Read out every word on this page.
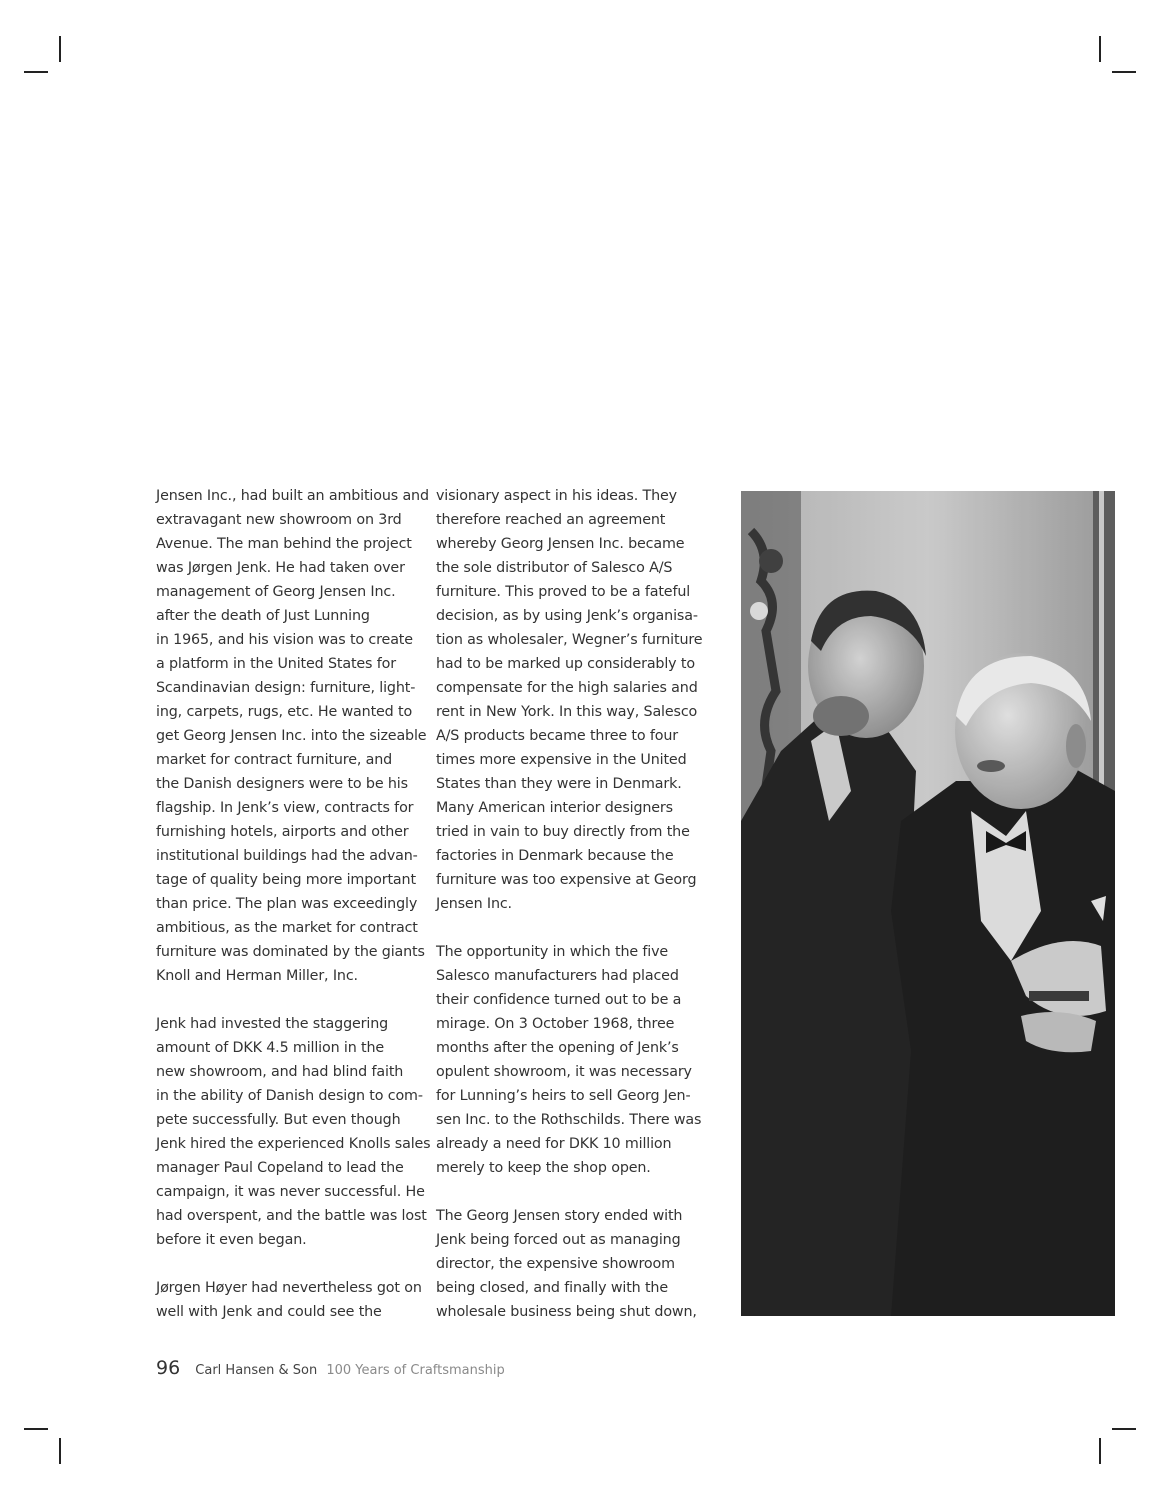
Jensen Inc., had built an ambitious and
extravagant new showroom on 3rd
Avenue. The man behind the project
was Jørgen Jenk. He had taken over
management of Georg Jensen Inc.
after the death of Just Lunning
in 1965, and his vision was to create
a platform in the United States for
Scandinavian design: furniture, light-
ing, carpets, rugs, etc. He wanted to
get Georg Jensen Inc. into the sizeable
market for contract furniture, and
the Danish designers were to be his
flagship. In Jenk’s view, contracts for
furnishing hotels, airports and other
institutional buildings had the advan-
tage of quality being more important
than price. The plan was exceedingly
ambitious, as the market for contract
furniture was dominated by the giants
Knoll and Herman Miller, Inc.
Jenk had invested the staggering
amount of DKK 4.5 million in the
new showroom, and had blind faith
in the ability of Danish design to com-
pete successfully. But even though
Jenk hired the experienced Knolls sales
manager Paul Copeland to lead the
campaign, it was never successful. He
had overspent, and the battle was lost
before it even began.
Jørgen Høyer had nevertheless got on
well with Jenk and could see the
visionary aspect in his ideas. They
therefore reached an agreement
whereby Georg Jensen Inc. became
the sole distributor of Salesco A/S
furniture. This proved to be a fateful
decision, as by using Jenk’s organisa-
tion as wholesaler, Wegner’s furniture
had to be marked up considerably to
compensate for the high salaries and
rent in New York. In this way, Salesco
A/S products became three to four
times more expensive in the United
States than they were in Denmark.
Many American interior designers
tried in vain to buy directly from the
factories in Denmark because the
furniture was too expensive at Georg
Jensen Inc.
The opportunity in which the five
Salesco manufacturers had placed
their confidence turned out to be a
mirage. On 3 October 1968, three
months after the opening of Jenk’s
opulent showroom, it was necessary
for Lunning’s heirs to sell Georg Jen-
sen Inc. to the Rothschilds. There was
already a need for DKK 10 million
merely to keep the shop open.
The Georg Jensen story ended with
Jenk being forced out as managing
director, the expensive showroom
being closed, and finally with the
wholesale business being shut down,
96 Carl Hansen & Son 100 Years of Craftsmanship
